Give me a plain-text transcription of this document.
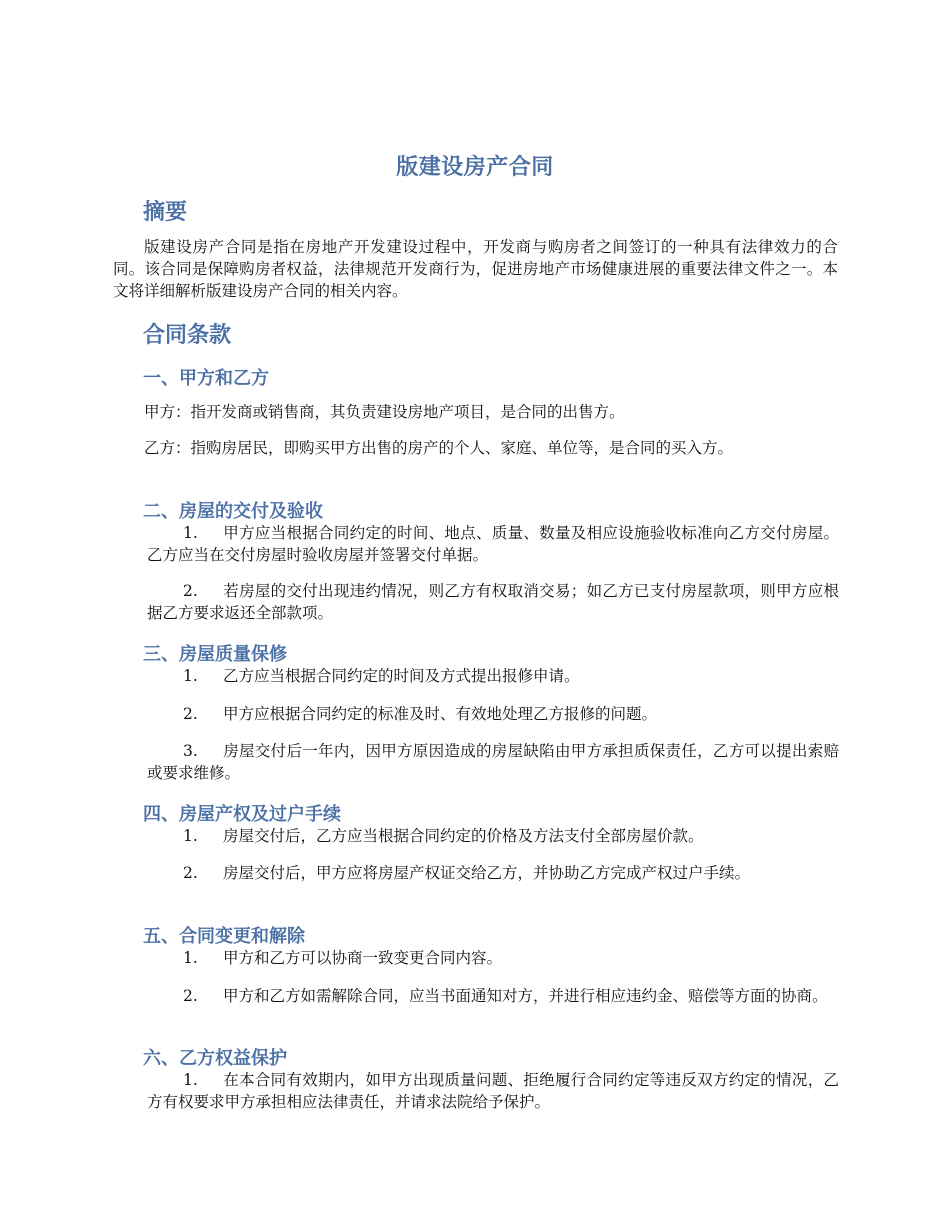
版建设房产合同
摘要
版建设房产合同是指在房地产开发建设过程中，开发商与购房者之间签订的一种具有法律效力的合同。该合同是保障购房者权益，法律规范开发商行为，促进房地产市场健康进展的重要法律文件之一。本文将详细解析版建设房产合同的相关内容。
合同条款
一、甲方和乙方
甲方：指开发商或销售商，其负责建设房地产项目，是合同的出售方。
乙方：指购房居民，即购买甲方出售的房产的个人、家庭、单位等，是合同的买入方。
二、房屋的交付及验收
1. 甲方应当根据合同约定的时间、地点、质量、数量及相应设施验收标准向乙方交付房屋。乙方应当在交付房屋时验收房屋并签署交付单据。
2. 若房屋的交付出现违约情况，则乙方有权取消交易；如乙方已支付房屋款项，则甲方应根据乙方要求返还全部款项。
三、房屋质量保修
1. 乙方应当根据合同约定的时间及方式提出报修申请。
2. 甲方应根据合同约定的标准及时、有效地处理乙方报修的问题。
3. 房屋交付后一年内，因甲方原因造成的房屋缺陷由甲方承担质保责任，乙方可以提出索赔或要求维修。
四、房屋产权及过户手续
1. 房屋交付后，乙方应当根据合同约定的价格及方法支付全部房屋价款。
2. 房屋交付后，甲方应将房屋产权证交给乙方，并协助乙方完成产权过户手续。
五、合同变更和解除
1. 甲方和乙方可以协商一致变更合同内容。
2. 甲方和乙方如需解除合同，应当书面通知对方，并进行相应违约金、赔偿等方面的协商。
六、乙方权益保护
1. 在本合同有效期内，如甲方出现质量问题、拒绝履行合同约定等违反双方约定的情况，乙方有权要求甲方承担相应法律责任，并请求法院给予保护。
